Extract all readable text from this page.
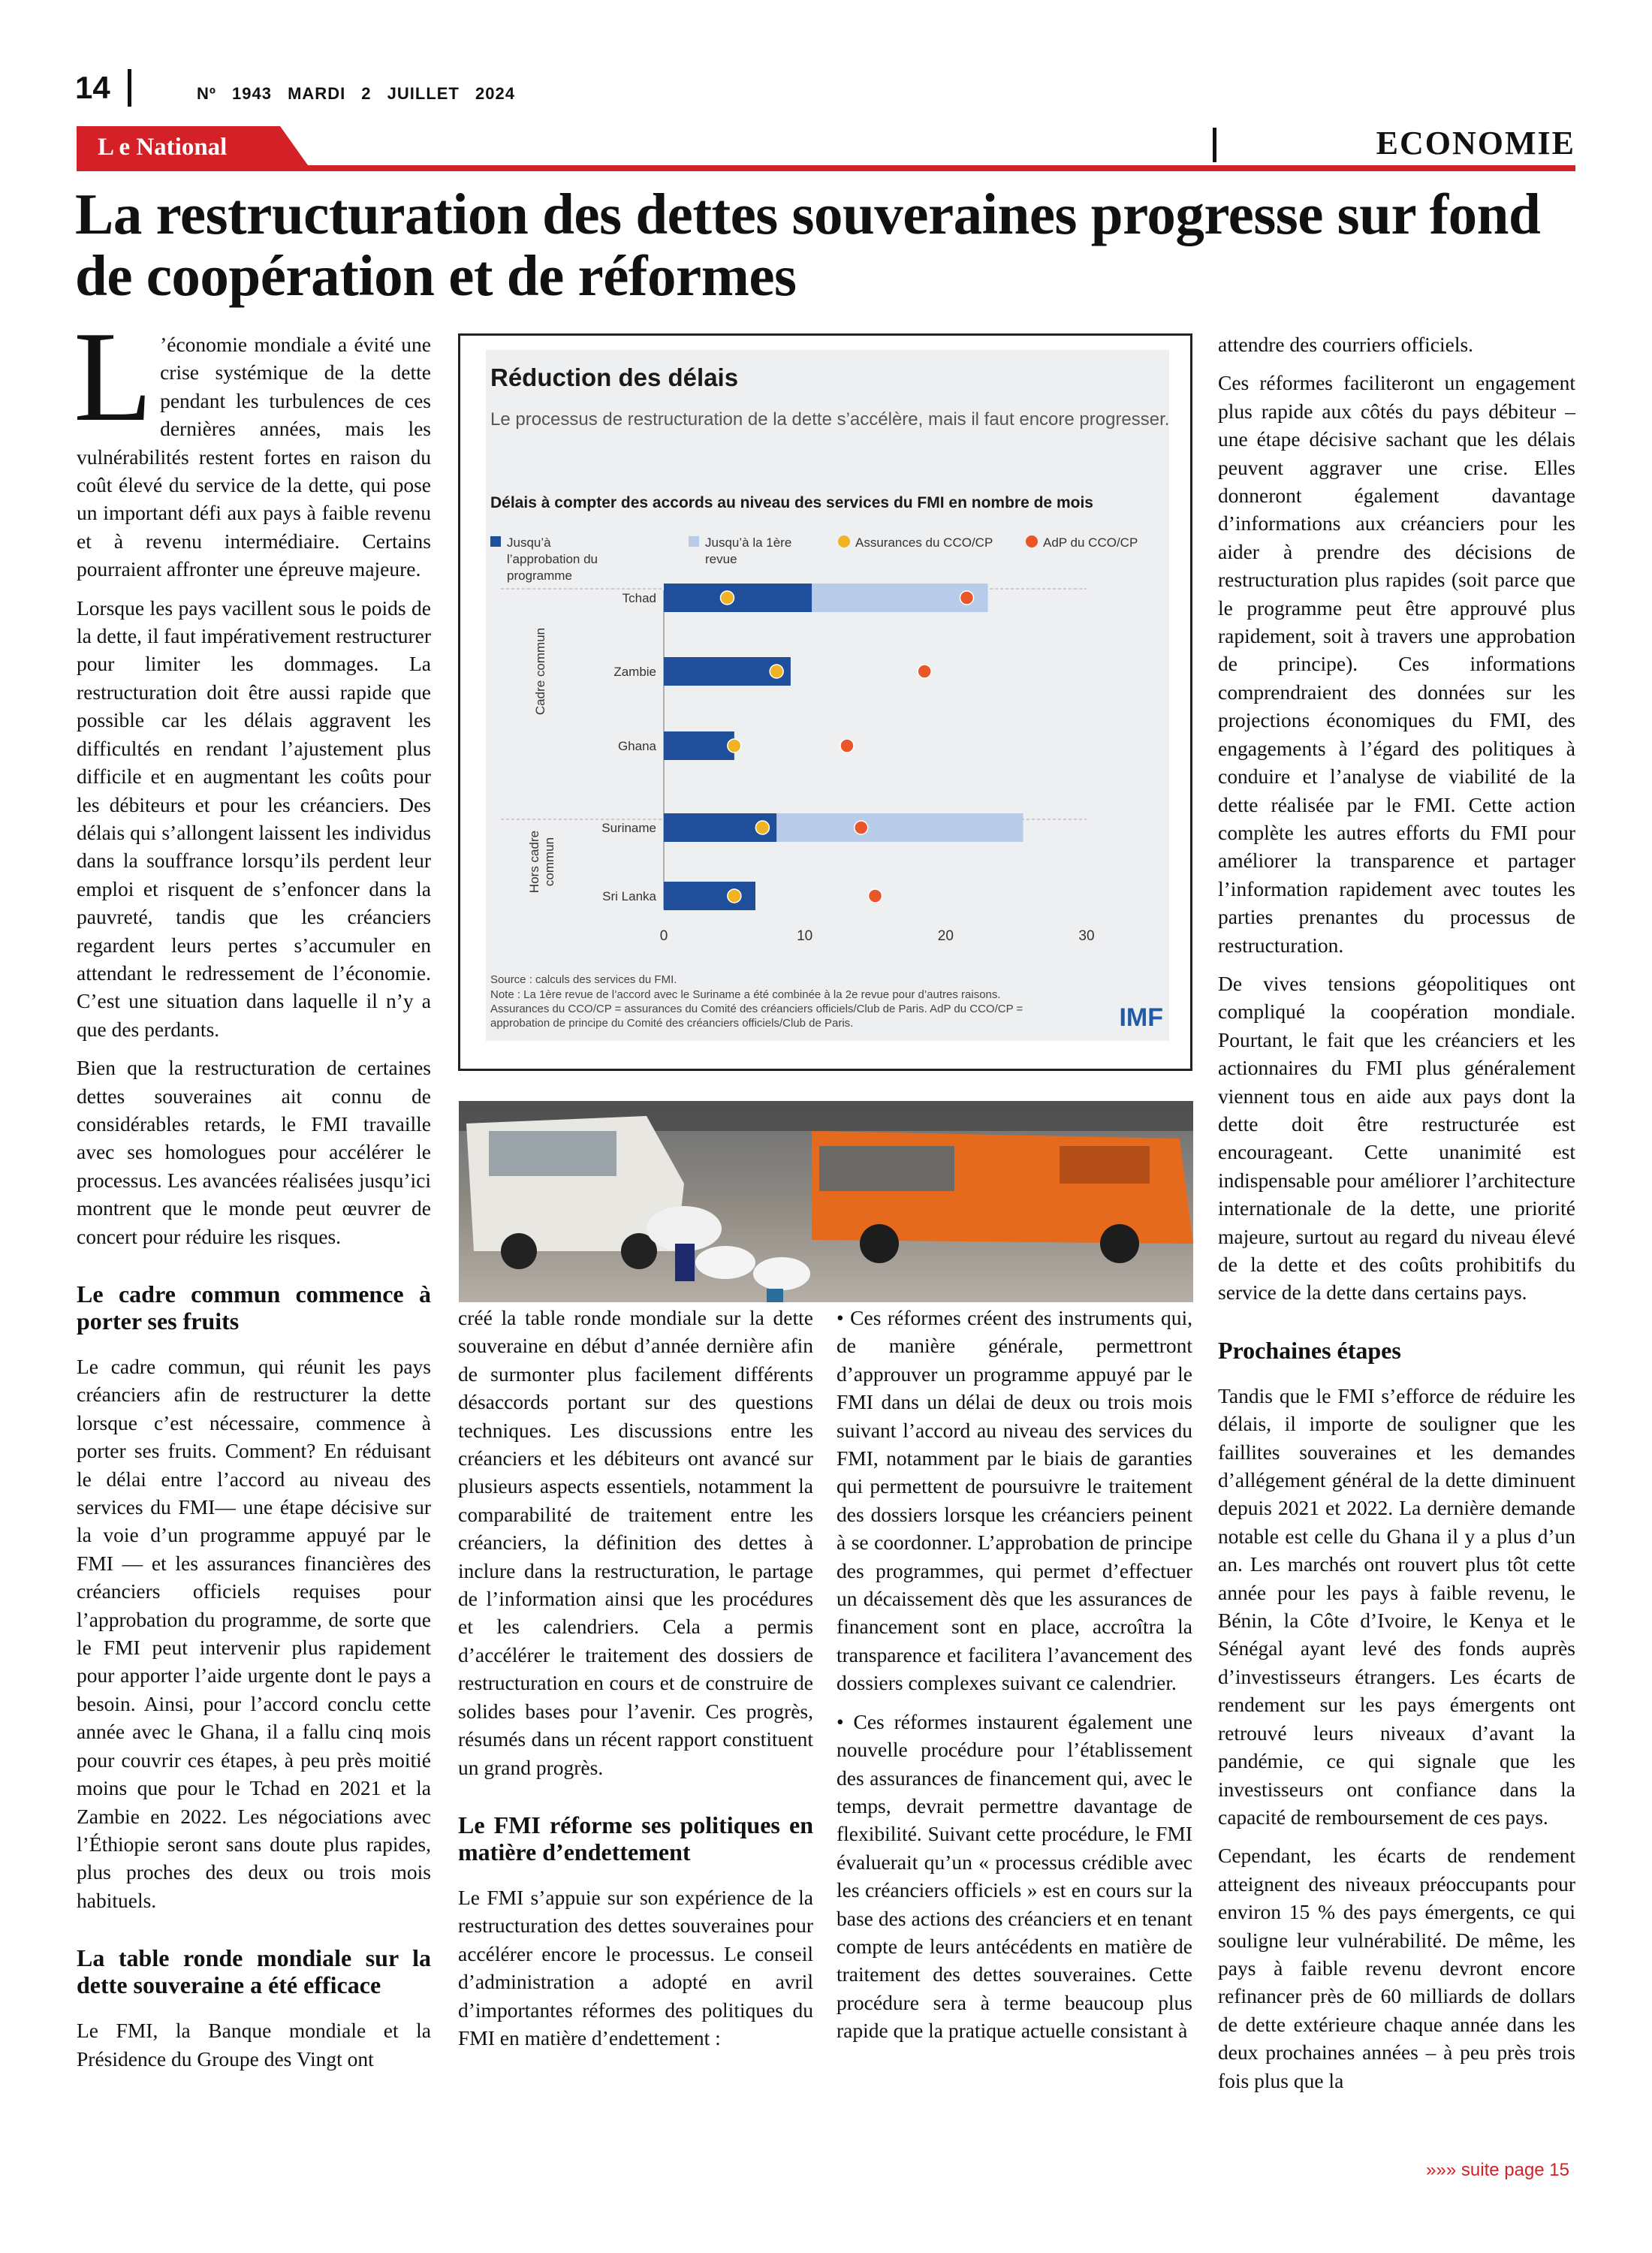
14	Nº 1943 MARDI 2 JUILLET 2024
L e National	ECONOMIE
La restructuration des dettes souveraines progresse sur fond de coopération et de réformes

L ’économie mondiale a évité une crise systémique de la dette pendant les turbulences de ces dernières années, mais les vulnérabilités restent fortes en raison du coût élevé du service de la dette, qui pose un important défi aux pays à faible revenu et à revenu intermédiaire. Certains pourraient affronter une épreuve majeure.

Lorsque les pays vacillent sous le poids de la dette, il faut impérativement restructurer pour limiter les dommages. La restructuration doit être aussi rapide que possible car les délais aggravent les difficultés en rendant l’ajustement plus difficile et en augmentant les coûts pour les débiteurs et pour les créanciers. Des délais qui s’allongent laissent les individus dans la souffrance lorsqu’ils perdent leur emploi et risquent de s’enfoncer dans la pauvreté, tandis que les créanciers regardent leurs pertes s’accumuler en attendant le redressement de l’économie. C’est une situation dans laquelle il n’y a que des perdants.

Bien que la restructuration de certaines dettes souveraines ait connu de considérables retards, le FMI travaille avec ses homologues pour accélérer le processus. Les avancées réalisées jusqu’ici montrent que le monde peut œuvrer de concert pour réduire les risques.

Le cadre commun commence à porter ses fruits

Le cadre commun, qui réunit les pays créanciers afin de restructurer la dette lorsque c’est nécessaire, commence à porter ses fruits. Comment? En réduisant le délai entre l’accord au niveau des services du FMI— une étape décisive sur la voie d’un programme appuyé par le FMI — et les assurances financières des créanciers officiels requises pour l’approbation du programme, de sorte que le FMI peut intervenir plus rapidement pour apporter l’aide urgente dont le pays a besoin. Ainsi, pour l’accord conclu cette année avec le Ghana, il a fallu cinq mois pour couvrir ces étapes, à peu près moitié moins que pour le Tchad en 2021 et la Zambie en 2022. Les négociations avec l’Éthiopie seront sans doute plus rapides, plus proches des deux ou trois mois habituels.

La table ronde mondiale sur la dette souveraine a été efficace

Le FMI, la Banque mondiale et la Présidence du Groupe des Vingt ont

Réduction des délais
Le processus de restructuration de la dette s’accélère, mais il faut encore progresser.
Délais à compter des accords au niveau des services du FMI en nombre de mois
Jusqu’à
l’approbation du
programme
Jusqu’à la 1ère
revue
Assurances du CCO/CP	AdP du CCO/CP
Tchad
Zambie
Ghana
Suriname
Sri Lanka
Cadre commun
Hors cadre commun
0	10	20	30
Source : calculs des services du FMI.
Note : La 1ère revue de l’accord avec le Suriname a été combinée à la 2e revue pour d’autres raisons.
Assurances du CCO/CP = assurances du Comité des créanciers officiels/Club de Paris. AdP du CCO/CP =
approbation de principe du Comité des créanciers officiels/Club de Paris.	IMF

créé la table ronde mondiale sur la dette souveraine en début d’année dernière afin de surmonter plus facilement différents désaccords portant sur des questions techniques. Les discussions entre les créanciers et les débiteurs ont avancé sur plusieurs aspects essentiels, notamment la comparabilité de traitement entre les créanciers, la définition des dettes à inclure dans la restructuration, le partage de l’information ainsi que les procédures et les calendriers. Cela a permis d’accélérer le traitement des dossiers de restructuration en cours et de construire de solides bases pour l’avenir. Ces progrès, résumés dans un récent rapport constituent un grand progrès.

Le FMI réforme ses politiques en matière d’endettement

Le FMI s’appuie sur son expérience de la restructuration des dettes souveraines pour accélérer encore le processus. Le conseil d’administration a adopté en avril d’importantes réformes des politiques du FMI en matière d’endettement :

• Ces réformes créent des instruments qui, de manière générale, permettront d’approuver un programme appuyé par le FMI dans un délai de deux ou trois mois suivant l’accord au niveau des services du FMI, notamment par le biais de garanties qui permettent de poursuivre le traitement des dossiers lorsque les créanciers peinent à se coordonner. L’approbation de principe des programmes, qui permet d’effectuer un décaissement dès que les assurances de financement sont en place, accroîtra la transparence et facilitera l’avancement des dossiers complexes suivant ce calendrier.

• Ces réformes instaurent également une nouvelle procédure pour l’établissement des assurances de financement qui, avec le temps, devrait permettre davantage de flexibilité. Suivant cette procédure, le FMI évaluerait qu’un « processus crédible avec les créanciers officiels » est en cours sur la base des actions des créanciers et en tenant compte de leurs antécédents en matière de traitement des dettes souveraines. Cette procédure sera à terme beaucoup plus rapide que la pratique actuelle consistant à

attendre des courriers officiels.

Ces réformes faciliteront un engagement plus rapide aux côtés du pays débiteur – une étape décisive sachant que les délais peuvent aggraver une crise. Elles donneront également davantage d’informations aux créanciers pour les aider à prendre des décisions de restructuration plus rapides (soit parce que le programme peut être approuvé plus rapidement, soit à travers une approbation de principe). Ces informations comprendraient des données sur les projections économiques du FMI, des engagements à l’égard des politiques à conduire et l’analyse de viabilité de la dette réalisée par le FMI. Cette action complète les autres efforts du FMI pour améliorer la transparence et partager l’information rapidement avec toutes les parties prenantes du processus de restructuration.

De vives tensions géopolitiques ont compliqué la coopération mondiale. Pourtant, le fait que les créanciers et les actionnaires du FMI plus généralement viennent tous en aide aux pays dont la dette doit être restructurée est encourageant. Cette unanimité est indispensable pour améliorer l’architecture internationale de la dette, une priorité majeure, surtout au regard du niveau élevé de la dette et des coûts prohibitifs du service de la dette dans certains pays.

Prochaines étapes

Tandis que le FMI s’efforce de réduire les délais, il importe de souligner que les faillites souveraines et les demandes d’allégement général de la dette diminuent depuis 2021 et 2022. La dernière demande notable est celle du Ghana il y a plus d’un an. Les marchés ont rouvert plus tôt cette année pour les pays à faible revenu, le Bénin, la Côte d’Ivoire, le Kenya et le Sénégal ayant levé des fonds auprès d’investisseurs étrangers. Les écarts de rendement sur les pays émergents ont retrouvé leurs niveaux d’avant la pandémie, ce qui signale que les investisseurs ont confiance dans la capacité de remboursement de ces pays.

Cependant, les écarts de rendement atteignent des niveaux préoccupants pour environ 15 % des pays émergents, ce qui souligne leur vulnérabilité. De même, les pays à faible revenu devront encore refinancer près de 60 milliards de dollars de dette extérieure chaque année dans les deux prochaines années – à peu près trois fois plus que la

»»» suite page 15
